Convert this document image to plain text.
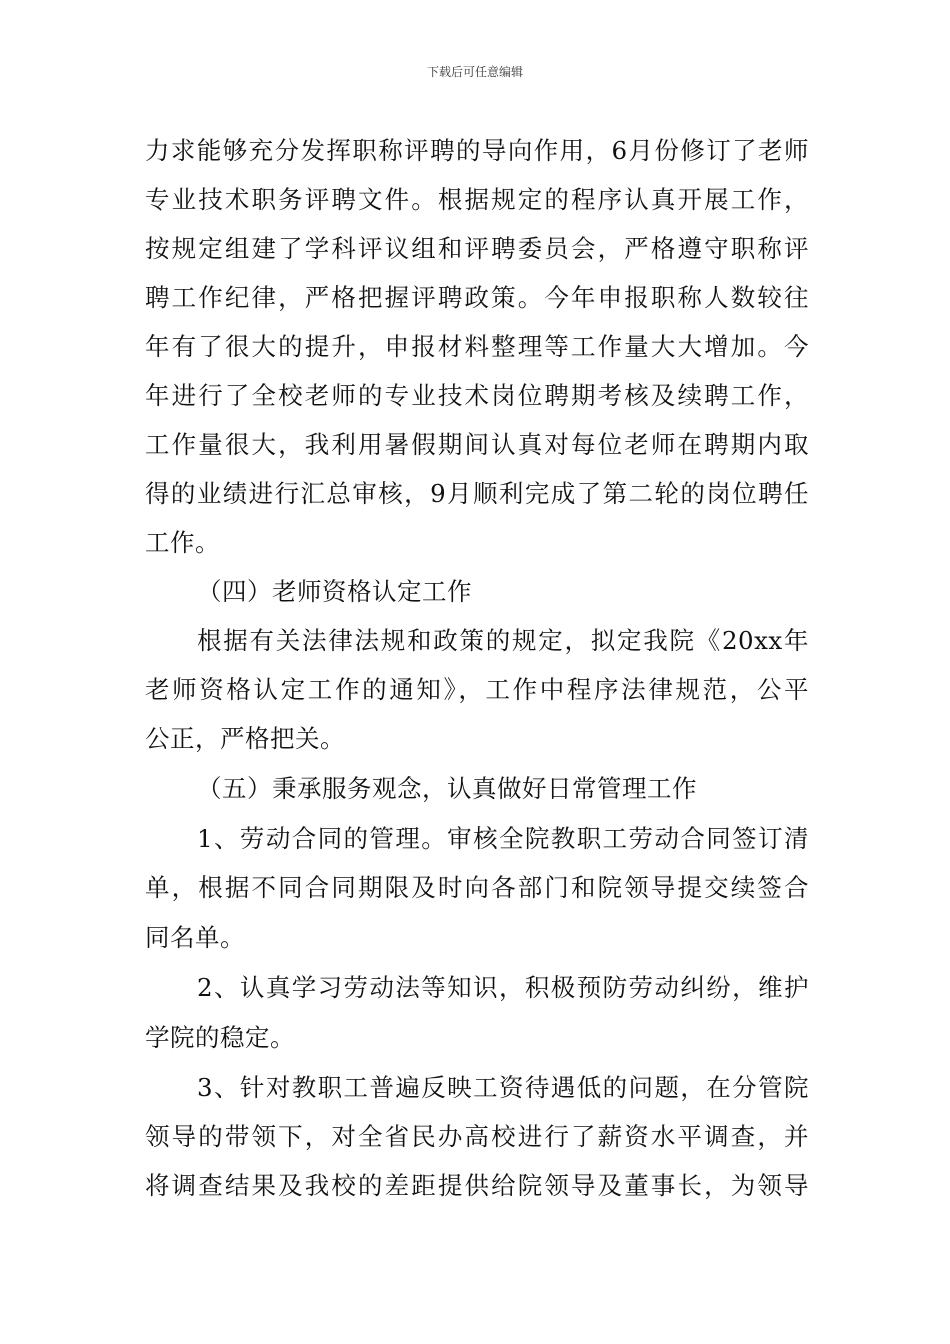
下载后可任意编辑
力求能够充分发挥职称评聘的导向作用，6月份修订了老师
专业技术职务评聘文件。根据规定的程序认真开展工作，
按规定组建了学科评议组和评聘委员会，严格遵守职称评
聘工作纪律，严格把握评聘政策。今年申报职称人数较往
年有了很大的提升，申报材料整理等工作量大大增加。今
年进行了全校老师的专业技术岗位聘期考核及续聘工作，
工作量很大，我利用暑假期间认真对每位老师在聘期内取
得的业绩进行汇总审核，9月顺利完成了第二轮的岗位聘任
工作。
（四）老师资格认定工作
根据有关法律法规和政策的规定，拟定我院《20xx年
老师资格认定工作的通知》，工作中程序法律规范，公平
公正，严格把关。
（五）秉承服务观念，认真做好日常管理工作
1、劳动合同的管理。审核全院教职工劳动合同签订清
单，根据不同合同期限及时向各部门和院领导提交续签合
同名单。
2、认真学习劳动法等知识，积极预防劳动纠纷，维护
学院的稳定。
3、针对教职工普遍反映工资待遇低的问题，在分管院
领导的带领下，对全省民办高校进行了薪资水平调查，并
将调查结果及我校的差距提供给院领导及董事长，为领导
